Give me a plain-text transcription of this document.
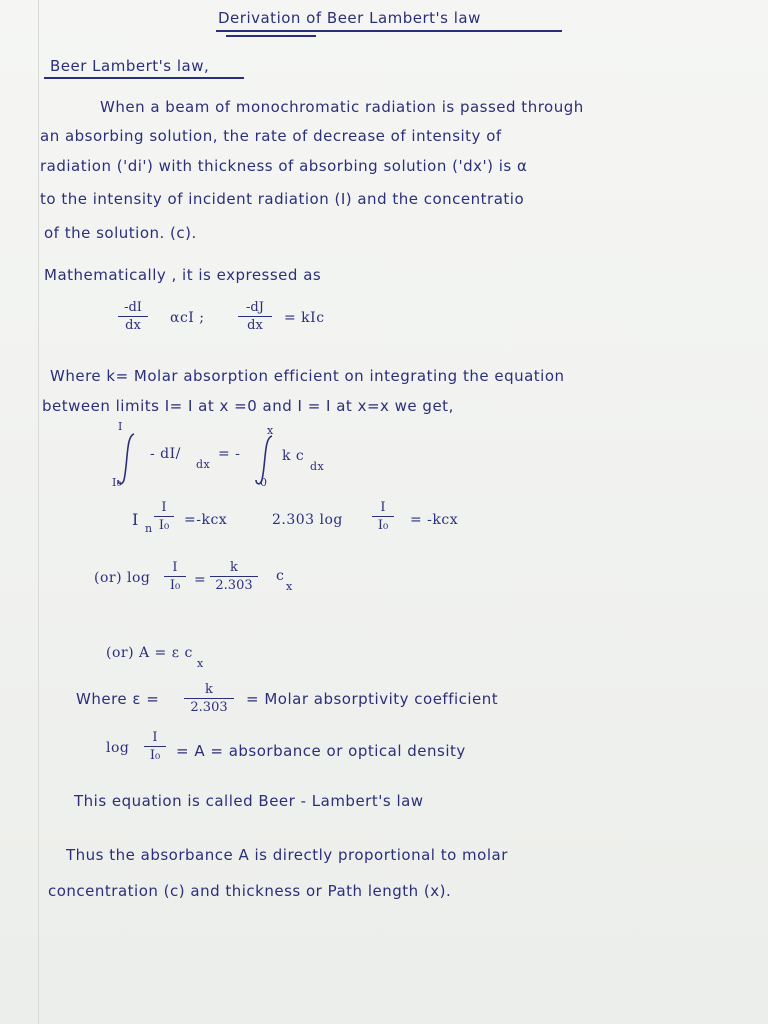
Derivation of Beer Lambert's law
Beer Lambert's law,
When a beam of monochromatic radiation is passed through
an absorbing solution, the rate of decrease of intensity of
radiation ('di') with thickness of absorbing solution ('dx') is α
to the intensity of incident radiation (I) and the concentratio
of the solution. (c).
Mathematically , it is expressed as
-dI
dx	αcI ;
-dJ
dx	= kIc
Where k= Molar absorption efficient on integrating the equation
between limits I= I at x =0 and I = I at x=x we get,
I
I₀
- dI/
dx
= -
x
0
k c
dx
I n
I
I₀	=-kcx	2.303 log
I
I₀	= -kcx
(or) log
I
I₀ =
k
2.303
c
x
(or) A = ε c
x
Where ε =
k
2.303	= Molar absorptivity coefficient
log
I
I₀	= A = absorbance or optical density
This equation is called Beer - Lambert's law
Thus the absorbance A is directly proportional to molar
concentration (c) and thickness or Path length (x).
